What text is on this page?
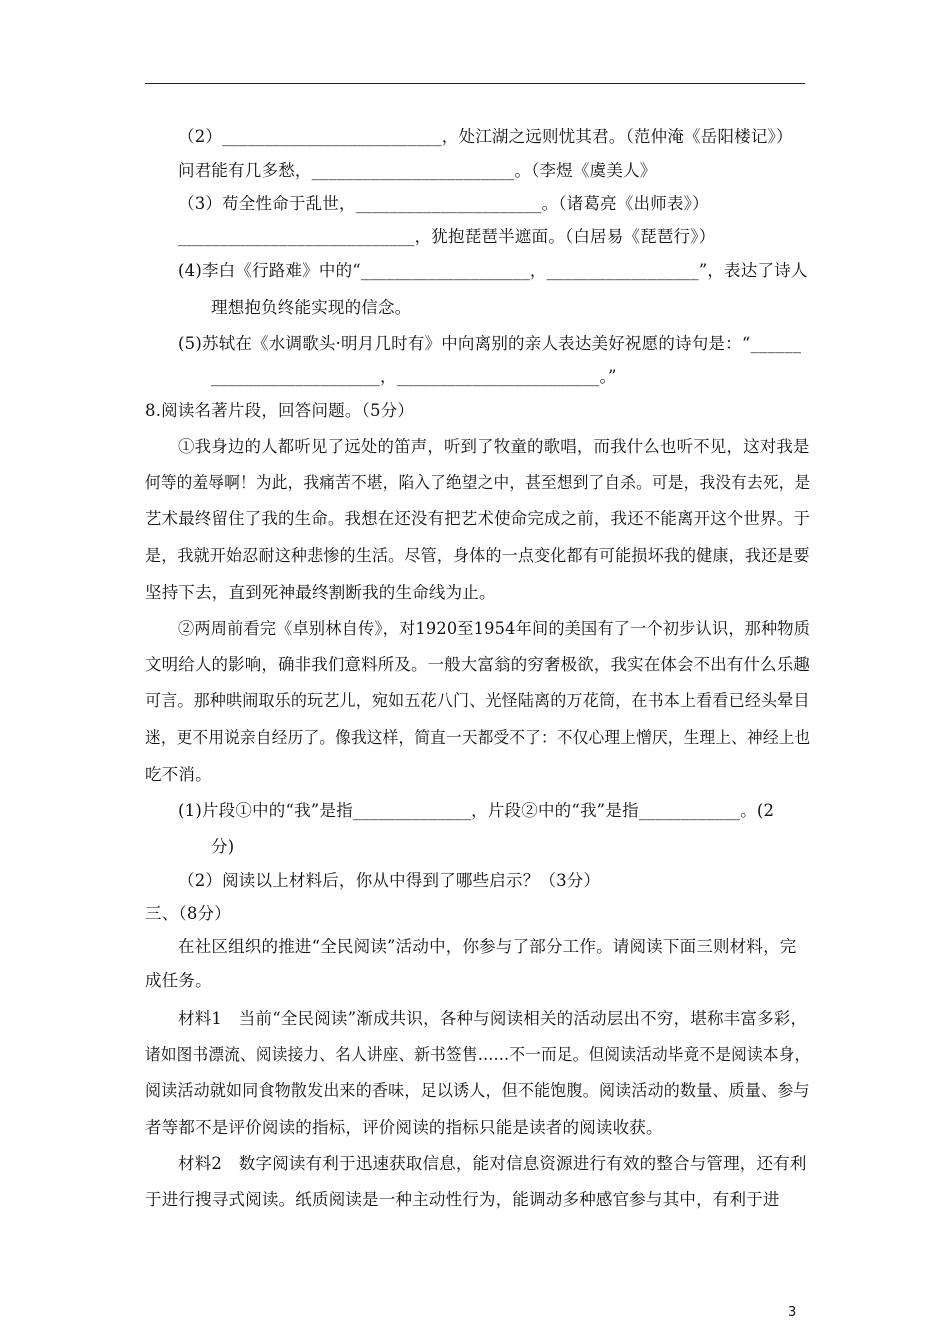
（2）__________________________，处江湖之远则忧其君。（范仲淹《岳阳楼记》）
问君能有几多愁，________________________。（李煜《虞美人》
（3）苟全性命于乱世，______________________。（诸葛亮《出师表》）
____________________________，犹抱琵琶半遮面。（白居易《琵琶行》）
(4)李白《行路难》中的“____________________，__________________”，表达了诗人
理想抱负终能实现的信念。
(5)苏轼在《水调歌头·明月几时有》中向离别的亲人表达美好祝愿的诗句是：“______
____________________，________________________。”
8.阅读名著片段，回答问题。（5分）
①我身边的人都听见了远处的笛声，听到了牧童的歌唱，而我什么也听不见，这对我是
何等的羞辱啊！为此，我痛苦不堪，陷入了绝望之中，甚至想到了自杀。可是，我没有去死，是
艺术最终留住了我的生命。我想在还没有把艺术使命完成之前，我还不能离开这个世界。于
是，我就开始忍耐这种悲惨的生活。尽管，身体的一点变化都有可能损坏我的健康，我还是要
坚持下去，直到死神最终割断我的生命线为止。
②两周前看完《卓别林自传》，对1920至1954年间的美国有了一个初步认识，那种物质
文明给人的影响，确非我们意料所及。一般大富翁的穷奢极欲，我实在体会不出有什么乐趣
可言。那种哄闹取乐的玩艺儿，宛如五花八门、光怪陆离的万花筒，在书本上看看已经头晕目
迷，更不用说亲自经历了。像我这样，简直一天都受不了：不仅心理上憎厌，生理上、神经上也
吃不消。
(1)片段①中的“我”是指______________，片段②中的“我”是指____________。(2
分)
（2）阅读以上材料后，你从中得到了哪些启示？（3分）
三、（8分）
在社区组织的推进“全民阅读”活动中，你参与了部分工作。请阅读下面三则材料，完
成任务。
材料1　当前“全民阅读”渐成共识，各种与阅读相关的活动层出不穷，堪称丰富多彩，
诸如图书漂流、阅读接力、名人讲座、新书签售……不一而足。但阅读活动毕竟不是阅读本身，
阅读活动就如同食物散发出来的香味，足以诱人，但不能饱腹。阅读活动的数量、质量、参与
者等都不是评价阅读的指标，评价阅读的指标只能是读者的阅读收获。
材料2　数字阅读有利于迅速获取信息，能对信息资源进行有效的整合与管理，还有利
于进行搜寻式阅读。纸质阅读是一种主动性行为，能调动多种感官参与其中，有利于进
3
